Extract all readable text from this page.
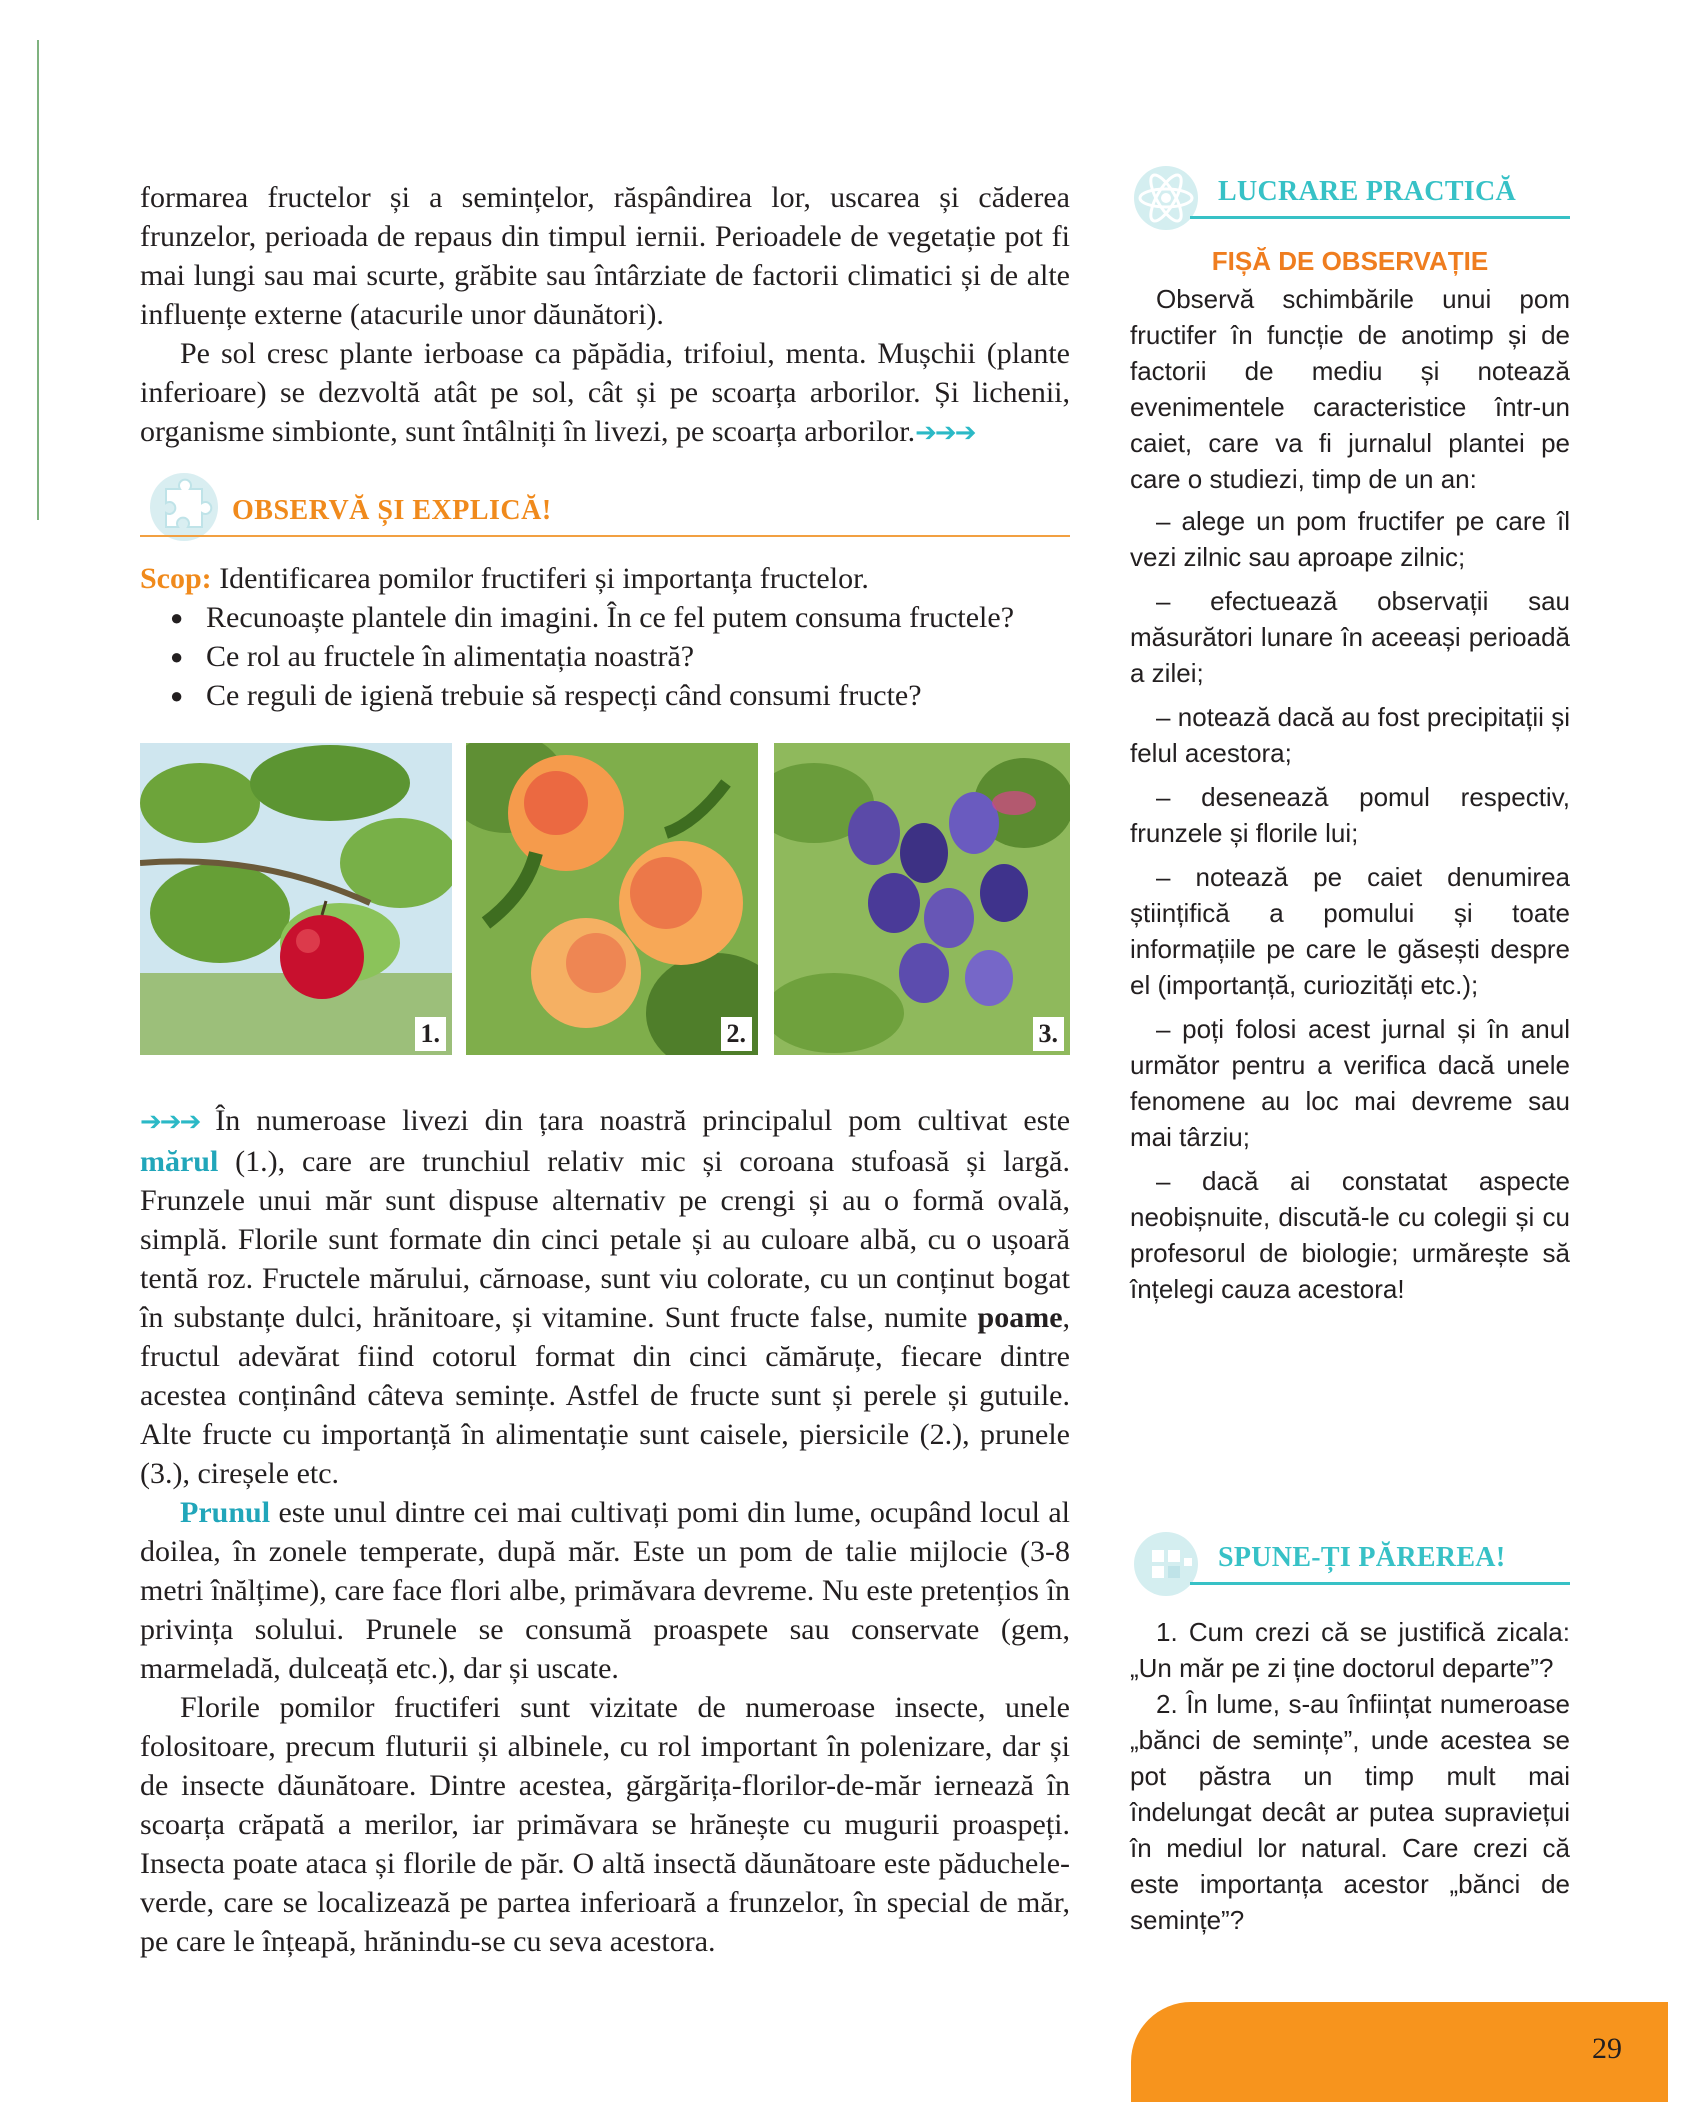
formarea fructelor și a semințelor, răspândirea lor, uscarea și căderea frunzelor, perioada de repaus din timpul iernii. Perioadele de vegetație pot fi mai lungi sau mai scurte, grăbite sau întârziate de factorii climatici și de alte influențe externe (atacurile unor dăunători).

Pe sol cresc plante ierboase ca păpădia, trifoiul, menta. Mușchii (plante inferioare) se dezvoltă atât pe sol, cât și pe scoarța arborilor. Și lichenii, organisme simbionte, sunt întâlniți în livezi, pe scoarța arborilor.➔➔➔

OBSERVĂ ȘI EXPLICĂ!

Scop: Identificarea pomilor fructiferi și importanța fructelor.

● Recunoaște plantele din imagini. În ce fel putem consuma fructele?
● Ce rol au fructele în alimentația noastră?
● Ce reguli de igienă trebuie să respecți când consumi fructe?
1.	2.	3.

➔➔➔ În numeroase livezi din țara noastră principalul pom cultivat este mărul (1.), care are trunchiul relativ mic și coroana stufoasă și largă. Frunzele unui măr sunt dispuse alternativ pe crengi și au o formă ovală, simplă. Florile sunt formate din cinci petale și au culoare albă, cu o ușoară tentă roz. Fructele mărului, cărnoase, sunt viu colorate, cu un conținut bogat în substanțe dulci, hrănitoare, și vitamine. Sunt fructe false, numite poame, fructul adevărat fiind cotorul format din cinci cămăruțe, fiecare dintre acestea conținând câteva semințe. Astfel de fructe sunt și perele și gutuile. Alte fructe cu importanță în alimentație sunt caisele, piersicile (2.), prunele (3.), cireșele etc.

Prunul este unul dintre cei mai cultivați pomi din lume, ocupând locul al doilea, în zonele temperate, după măr. Este un pom de talie mijlocie (3-8 metri înălțime), care face flori albe, primăvara devreme. Nu este pretențios în privința solului. Prunele se consumă proaspete sau conservate (gem, marmeladă, dulceață etc.), dar și uscate.

Florile pomilor fructiferi sunt vizitate de numeroase insecte, unele folositoare, precum fluturii și albinele, cu rol important în polenizare, dar și de insecte dăunătoare. Dintre acestea, gărgărița-florilor-de-măr iernează în scoarța crăpată a merilor, iar primăvara se hrănește cu mugurii proaspeți. Insecta poate ataca și florile de păr. O altă insectă dăunătoare este păduchele-verde, care se localizează pe partea inferioară a frunzelor, în special de măr, pe care le înțeapă, hrănindu-se cu seva acestora.

LUCRARE PRACTICĂ
FIȘĂ DE OBSERVAȚIE

Observă schimbările unui pom fructifer în funcție de anotimp și de factorii de mediu și notează evenimentele caracteristice într-un caiet, care va fi jurnalul plantei pe care o studiezi, timp de un an:

– alege un pom fructifer pe care îl vezi zilnic sau aproape zilnic;
– efectuează observații sau măsurători lunare în aceeași perioadă a zilei;
– notează dacă au fost precipitații și felul acestora;
– desenează pomul respectiv, frunzele și florile lui;
– notează pe caiet denumirea științifică a pomului și toate informațiile pe care le găsești despre el (importanță, curiozități etc.);
– poți folosi acest jurnal și în anul următor pentru a verifica dacă unele fenomene au loc mai devreme sau mai târziu;
– dacă ai constatat aspecte neobișnuite, discută-le cu colegii și cu profesorul de biologie; urmărește să înțelegi cauza acestora!
SPUNE-ȚI PĂREREA!

1. Cum crezi că se justifică zicala: „Un măr pe zi ține doctorul departe”?

2. În lume, s-au înființat numeroase „bănci de semințe”, unde acestea se pot păstra un timp mult mai îndelungat decât ar putea supraviețui în mediul lor natural. Care crezi că este importanța acestor „bănci de semințe”?

29
